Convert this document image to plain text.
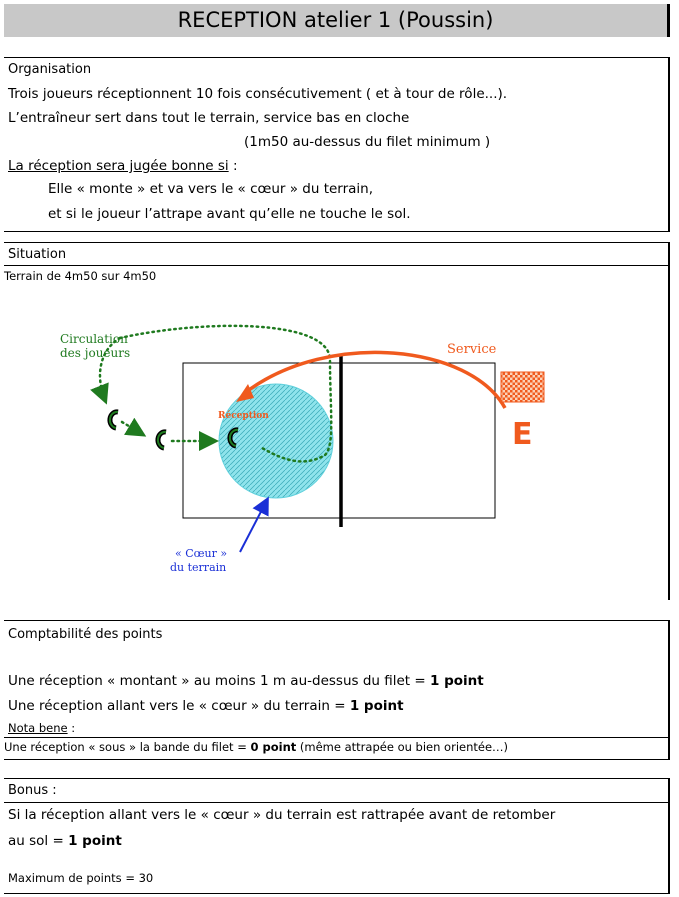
RECEPTION atelier 1 (Poussin)
Organisation
Trois joueurs réceptionnent 10 fois consécutivement ( et à tour de rôle...).
L’entraîneur sert dans tout le terrain, service bas en cloche
(1m50 au-dessus du filet minimum )
La réception sera jugée bonne si :
Elle « monte » et va vers le « cœur » du terrain,
et si le joueur l’attrape avant qu’elle ne touche le sol.
Situation
Terrain de 4m50 sur 4m50
Circulation
des joueurs	Service
Réception
« Cœur »
du terrain
E
Comptabilité des points
Une réception « montant » au moins 1 m au-dessus du filet = 1 point
Une réception allant vers le « cœur » du terrain = 1 point
Nota bene :
Une réception « sous » la bande du filet = 0 point (même attrapée ou bien orientée…)
Bonus :
Si la réception allant vers le « cœur » du terrain est rattrapée avant de retomber
au sol = 1 point
Maximum de points = 30
